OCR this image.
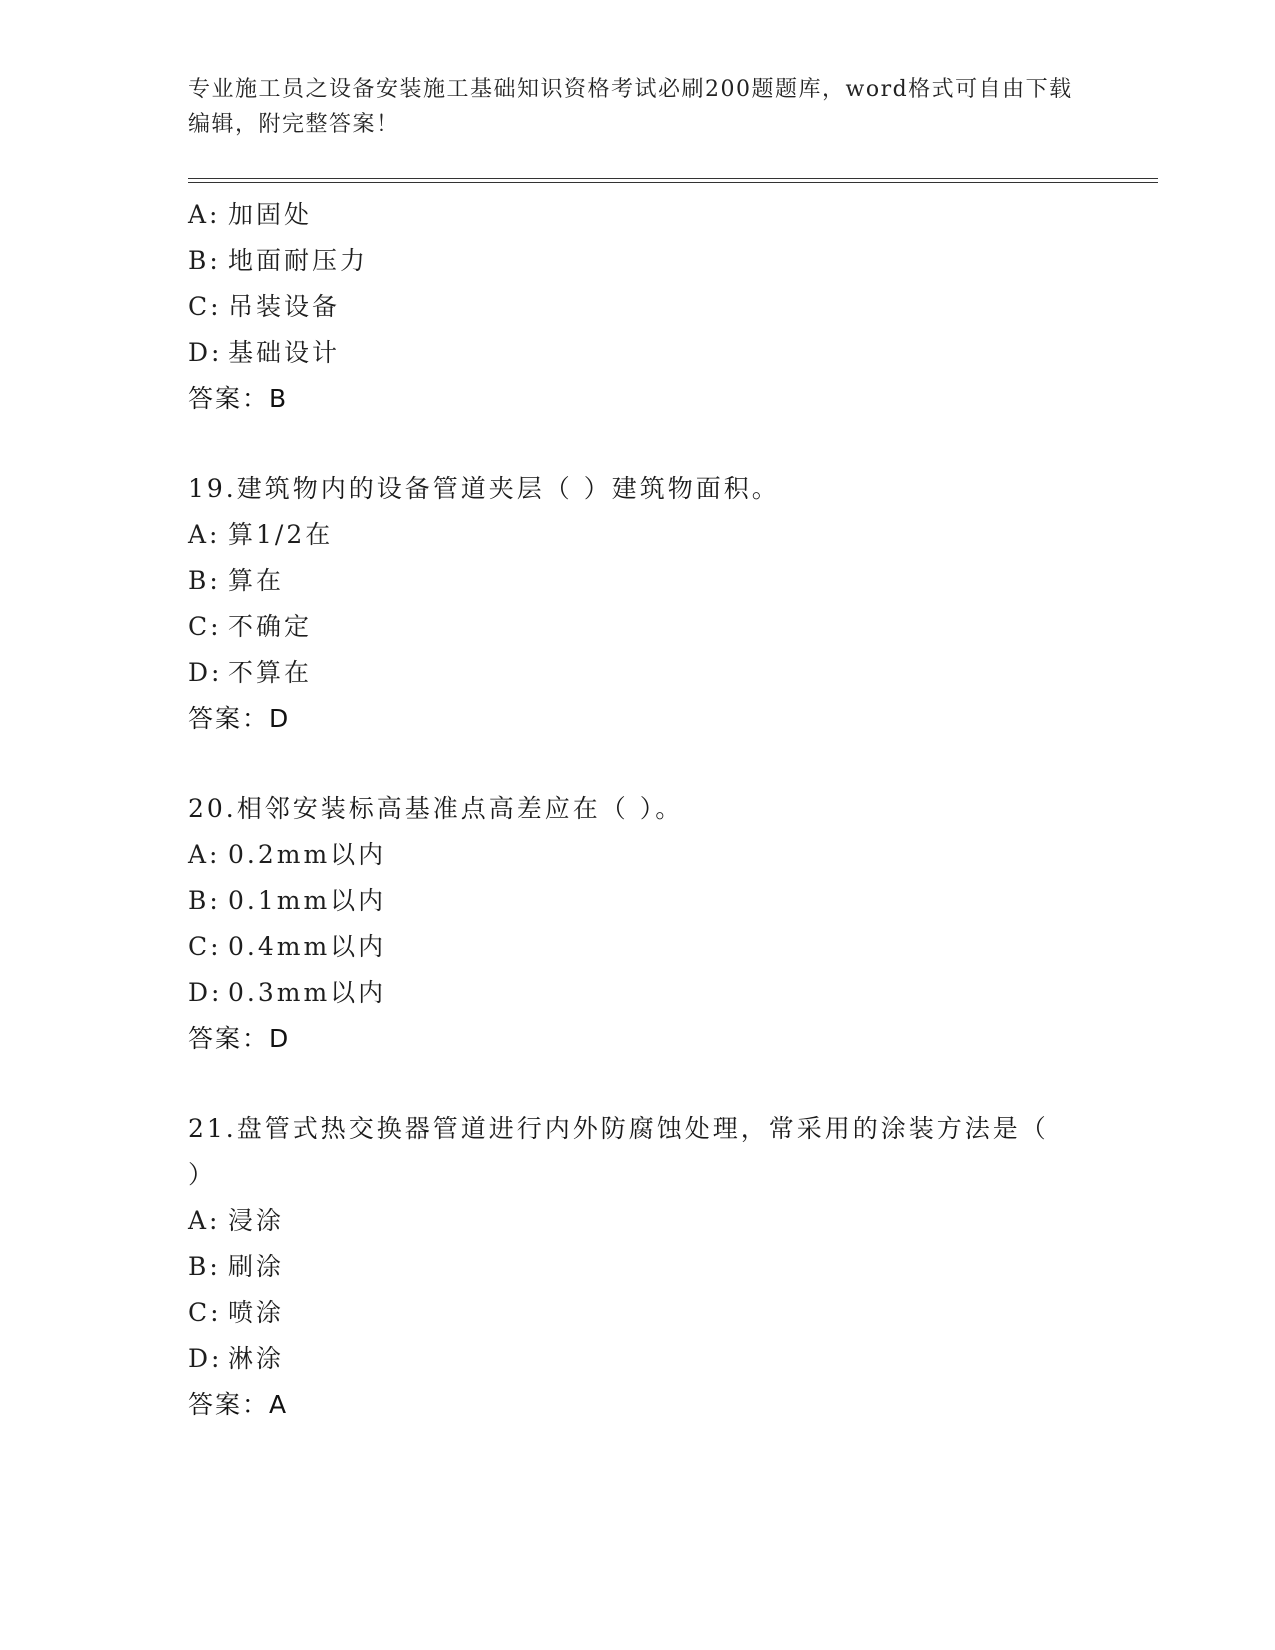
专业施工员之设备安装施工基础知识资格考试必刷200题题库，word格式可自由下载编辑，附完整答案！
A: 加固处
B: 地面耐压力
C: 吊装设备
D: 基础设计
答案：B
19.建筑物内的设备管道夹层（ ）建筑物面积。
A: 算1/2在
B: 算在
C: 不确定
D: 不算在
答案：D
20.相邻安装标高基准点高差应在（ ）。
A: 0.2mm以内
B: 0.1mm以内
C: 0.4mm以内
D: 0.3mm以内
答案：D
21.盘管式热交换器管道进行内外防腐蚀处理，常采用的涂装方法是（ ）
A: 浸涂
B: 刷涂
C: 喷涂
D: 淋涂
答案：A
